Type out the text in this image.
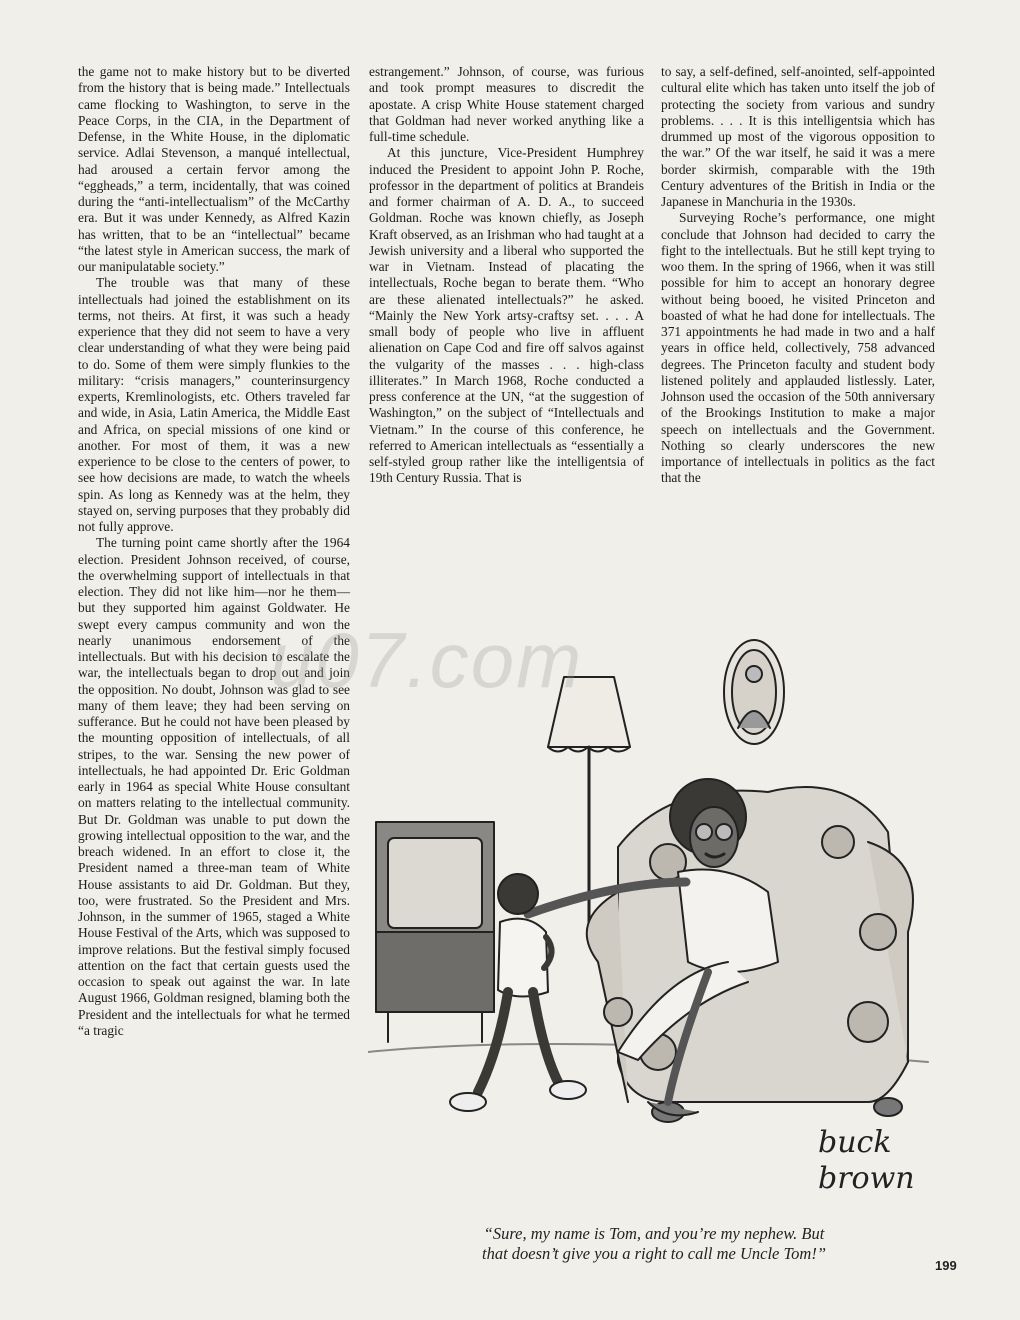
the game not to make history but to be diverted from the history that is being made.” Intellectuals came flocking to Washington, to serve in the Peace Corps, in the CIA, in the Department of Defense, in the White House, in the diplomatic service. Adlai Stevenson, a manqué intellectual, had aroused a certain fervor among the “eggheads,” a term, incidentally, that was coined during the “anti-intellectualism” of the McCarthy era. But it was under Kennedy, as Alfred Kazin has written, that to be an “intellectual” became “the latest style in American success, the mark of our manipulatable society.”

The trouble was that many of these intellectuals had joined the establishment on its terms, not theirs. At first, it was such a heady experience that they did not seem to have a very clear understanding of what they were being paid to do. Some of them were simply flunkies to the military: “crisis managers,” counterinsurgency experts, Kremlinologists, etc. Others traveled far and wide, in Asia, Latin America, the Middle East and Africa, on special missions of one kind or another. For most of them, it was a new experience to be close to the centers of power, to see how decisions are made, to watch the wheels spin. As long as Kennedy was at the helm, they stayed on, serving purposes that they probably did not fully approve.

The turning point came shortly after the 1964 election. President Johnson received, of course, the overwhelming support of intellectuals in that election. They did not like him—nor he them—but they supported him against Goldwater. He swept every campus community and won the nearly unanimous endorsement of the intellectuals. But with his decision to escalate the war, the intellectuals began to drop out and join the opposition. No doubt, Johnson was glad to see many of them leave; they had been serving on sufferance. But he could not have been pleased by the mounting opposition of intellectuals, of all stripes, to the war. Sensing the new power of intellectuals, he had appointed Dr. Eric Goldman early in 1964 as special White House consultant on matters relating to the intellectual community. But Dr. Goldman was unable to put down the growing intellectual opposition to the war, and the breach widened. In an effort to close it, the President named a three-man team of White House assistants to aid Dr. Goldman. But they, too, were frustrated. So the President and Mrs. Johnson, in the summer of 1965, staged a White House Festival of the Arts, which was supposed to improve relations. But the festival simply focused attention on the fact that certain guests used the occasion to speak out against the war. In late August 1966, Goldman resigned, blaming both the President and the intellectuals for what he termed “a tragic

estrangement.” Johnson, of course, was furious and took prompt measures to discredit the apostate. A crisp White House statement charged that Goldman had never worked anything like a full-time schedule.

At this juncture, Vice-President Humphrey induced the President to appoint John P. Roche, professor in the department of politics at Brandeis and former chairman of A. D. A., to succeed Goldman. Roche was known chiefly, as Joseph Kraft observed, as an Irishman who had taught at a Jewish university and a liberal who supported the war in Vietnam. Instead of placating the intellectuals, Roche began to berate them. “Who are these alienated intellectuals?” he asked. “Mainly the New York artsy-craftsy set. . . . A small body of people who live in affluent alienation on Cape Cod and fire off salvos against the vulgarity of the masses . . . high-class illiterates.” In March 1968, Roche conducted a press conference at the UN, “at the suggestion of Washington,” on the subject of “Intellectuals and Vietnam.” In the course of this conference, he referred to American intellectuals as “essentially a self-styled group rather like the intelligentsia of 19th Century Russia. That is

to say, a self-defined, self-anointed, self-appointed cultural elite which has taken unto itself the job of protecting the society from various and sundry problems. . . . It is this intelligentsia which has drummed up most of the vigorous opposition to the war.” Of the war itself, he said it was a mere border skirmish, comparable with the 19th Century adventures of the British in India or the Japanese in Manchuria in the 1930s.

Surveying Roche’s performance, one might conclude that Johnson had decided to carry the fight to the intellectuals. But he still kept trying to woo them. In the spring of 1966, when it was still possible for him to accept an honorary degree without being booed, he visited Princeton and boasted of what he had done for intellectuals. The 371 appointments he had made in two and a half years in office held, collectively, 758 advanced degrees. The Princeton faculty and student body listened politely and applauded listlessly. Later, Johnson used the occasion of the 50th anniversary of the Brookings Institution to make a major speech on intellectuals and the Government. Nothing so clearly underscores the new importance of intellectuals in politics as the fact that the

buck
brown
“Sure, my name is Tom, and you’re my nephew. But
that doesn’t give you a right to call me Uncle Tom!”
199
u07.com
